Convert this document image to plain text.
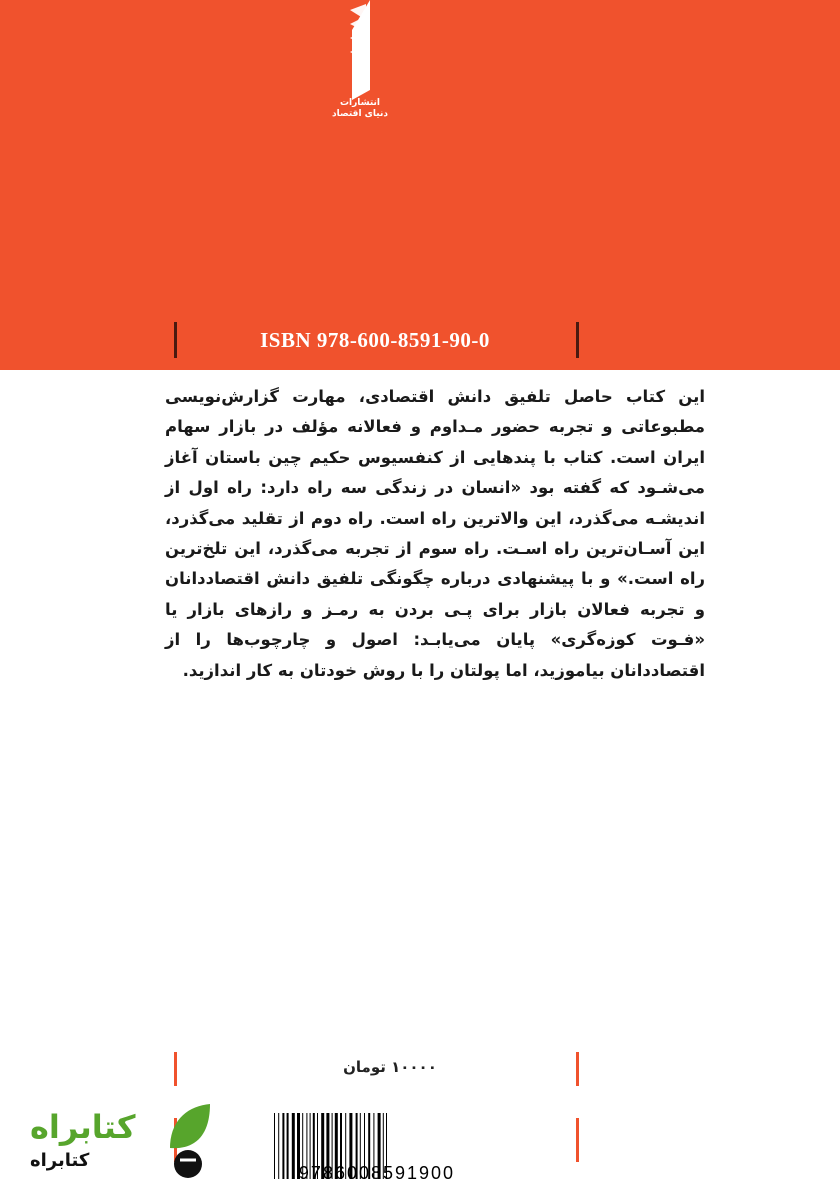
انتشارات
دنیای اقتصاد
ISBN 978-600-8591-90-0

این کتاب حاصل تلفیق دانش اقتصادی، مهارت گزارش‌نویسی مطبوعاتی و تجربه حضور مـداوم و فعالانه مؤلف در بازار سهام ایران است. کتاب با پندهایی از کنفسیوس حکیم چین باستان آغاز می‌شـود که گفته بود «انسان در زندگی سه راه دارد: راه اول از اندیشـه می‌گذرد، این والاترین راه است. راه دوم از تقلید می‌گذرد، این آسـان‌ترین راه اسـت. راه سوم از تجربه می‌گذرد، این تلخ‌ترین راه است.» و با پیشنهادی درباره چگونگی تلفیق دانش اقتصاددانان و تجربه فعالان بازار برای پـی بردن به رمـز و رازهای بازار یا «فـوت کوزه‌گری» پایان می‌یابـد: اصول و چارچوب‌ها را از اقتصاددانان بیاموزید، اما پولتان را با روش خودتان به کار اندازید.

۱۰۰۰۰ تومان
9786008591900
کتابراه
کتابراه
